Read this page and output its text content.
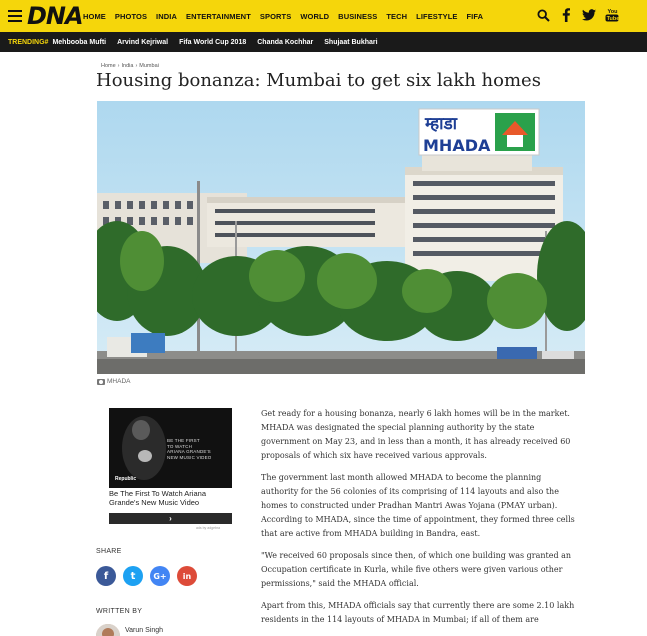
DNA HOME PHOTOS INDIA ENTERTAINMENT SPORTS WORLD BUSINESS TECH LIFESTYLE FIFA	You
Tube
TRENDING# Mehbooba Mufti Arvind Kejriwal Fifa World Cup 2018 Chanda Kochhar Shujaat Bukhari
Home › India › Mumbai
Housing bonanza: Mumbai to get six lakh homes
म्हाडा
MHADA
MHADA
BE THE FIRST
TO WATCH
ARIANA GRANDE'S
NEW MUSIC VIDEO
Republic
Be The First To Watch Ariana Grande's New Music Video
›
ads by adgebra
SHARE
f	t	G+	in
WRITTEN BY
Varun Singh

Get ready for a housing bonanza, nearly 6 lakh homes will be in the market. MHADA was designated the special planning authority by the state government on May 23, and in less than a month, it has already received 60 proposals of which six have received various approvals.

The government last month allowed MHADA to become the planning authority for the 56 colonies of its comprising of 114 layouts and also the homes to constructed under Pradhan Mantri Awas Yojana (PMAY urban). According to MHADA, since the time of appointment, they formed three cells that are active from MHADA building in Bandra, east.

"We received 60 proposals since then, of which one building was granted an Occupation certificate in Kurla, while five others were given various other permissions," said the MHADA official.

Apart from this, MHADA officials say that currently there are some 2.10 lakh residents in the 114 layouts of MHADA in Mumbai; if all of them are
